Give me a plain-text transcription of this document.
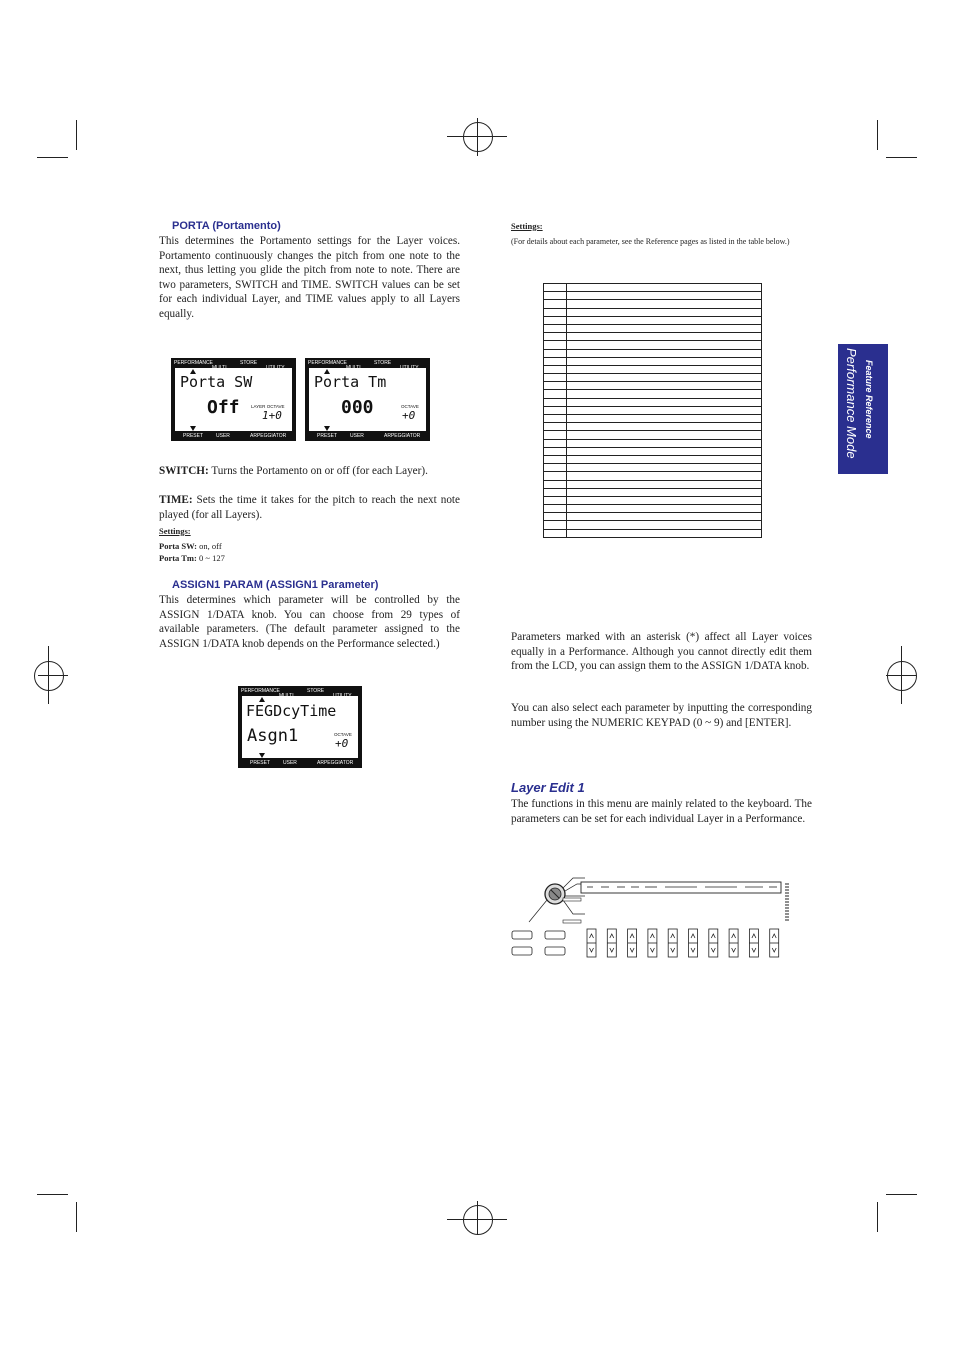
PORTA (Portamento)
This determines the Portamento settings for the Layer voices. Portamento continuously changes the pitch from one note to the next, thus letting you glide the pitch from note to note. There are two parameters, SWITCH and TIME. SWITCH values can be set for each individual Layer, and TIME values apply to all Layers equally.
PERFORMANCE	STORE
Porta SW
Off	LAYER OCTAVE
1+0
PRESET	USER	ARPEGGIATOR
PERFORMANCE	STORE
Porta Tm
000	OCTAVE
+0
PRESET	USER	ARPEGGIATOR
SWITCH: Turns the Portamento on or off (for each Layer).
TIME: Sets the time it takes for the pitch to reach the next note played (for all Layers).
Settings:
Porta SW: on, off
Porta Tm: 0 ~ 127
ASSIGN1 PARAM (ASSIGN1 Parameter)
This determines which parameter will be controlled by the ASSIGN 1/DATA knob. You can choose from 29 types of available parameters. (The default parameter assigned to the ASSIGN 1/DATA knob depends on the Performance selected.)
PERFORMANCE	STORE
FEGDcyTime
Asgn1	OCTAVE
+0
PRESET	USER	ARPEGGIATOR
Settings:
(For details about each parameter, see the Reference pages as listed in the table below.)

Parameters marked with an asterisk (*) affect all Layer voices equally in a Performance. Although you cannot directly edit them from the LCD, you can assign them to the ASSIGN 1/DATA knob.
You can also select each parameter by inputting the corresponding number using the NUMERIC KEYPAD (0 ~ 9) and [ENTER].
Layer Edit 1
The functions in this menu are mainly related to the keyboard. The parameters can be set for each individual Layer in a Performance.
Feature Reference
Performance Mode
